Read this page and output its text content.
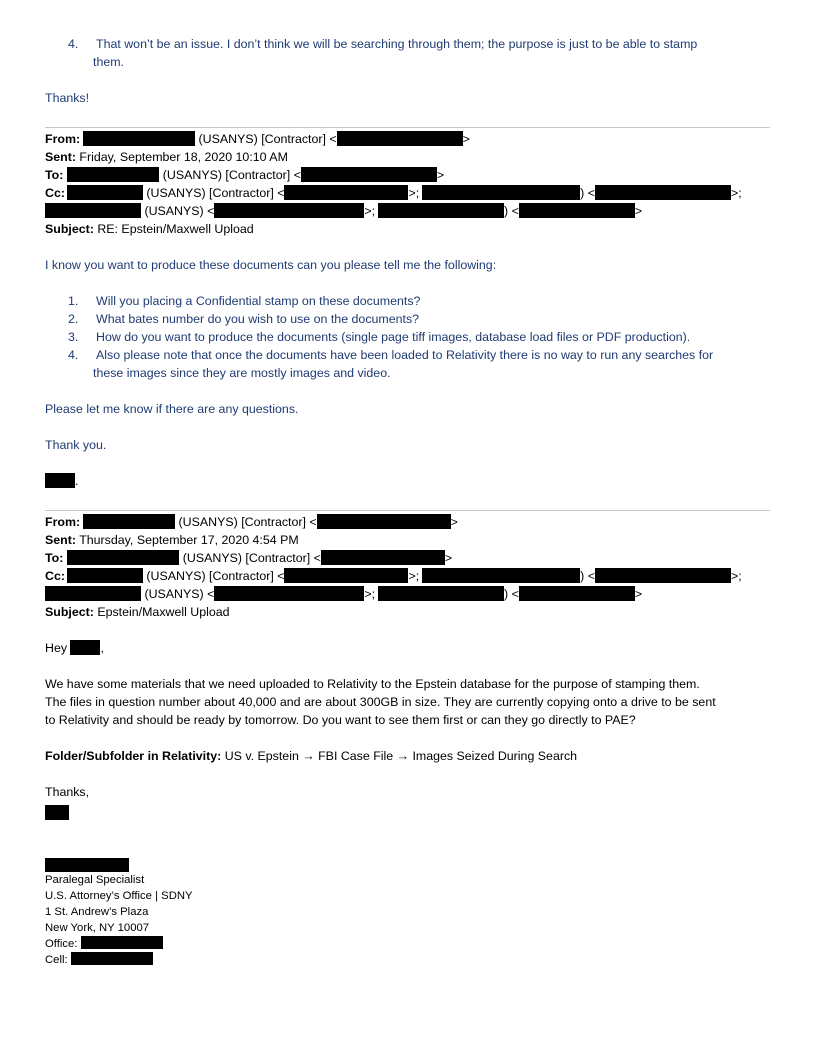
4. That won’t be an issue. I don’t think we will be searching through them; the purpose is just to be able to stamp
them.
Thanks!
From:	(USANYS) [Contractor] <	>
Sent: Friday, September 18, 2020 10:10 AM
To:	(USANYS) [Contractor] <	>
Cc:	(USANYS) [Contractor] <	>;	) <	>;
(USANYS) <	>;	) <	>
Subject: RE: Epstein/Maxwell Upload
I know you want to produce these documents can you please tell me the following:
1. Will you placing a Confidential stamp on these documents?
2. What bates number do you wish to use on the documents?
3. How do you want to produce the documents (single page tiff images, database load files or PDF production).
4. Also please note that once the documents have been loaded to Relativity there is no way to run any searches for
these images since they are mostly images and video.
Please let me know if there are any questions.
Thank you.
.
From:	(USANYS) [Contractor] <	>
Sent: Thursday, September 17, 2020 4:54 PM
To:	(USANYS) [Contractor] <	>
Cc:	(USANYS) [Contractor] <	>;	) <	>;
(USANYS) <	>;	) <	>
Subject: Epstein/Maxwell Upload
Hey ,
We have some materials that we need uploaded to Relativity to the Epstein database for the purpose of stamping them.
The files in question number about 40,000 and are about 300GB in size. They are currently copying onto a drive to be sent
to Relativity and should be ready by tomorrow. Do you want to see them first or can they go directly to PAE?
Folder/Subfolder in Relativity: US v. Epstein → FBI Case File → Images Seized During Search
Thanks,
Paralegal Specialist
U.S. Attorney’s Office | SDNY
1 St. Andrew’s Plaza
New York, NY 10007
Office:
Cell:
